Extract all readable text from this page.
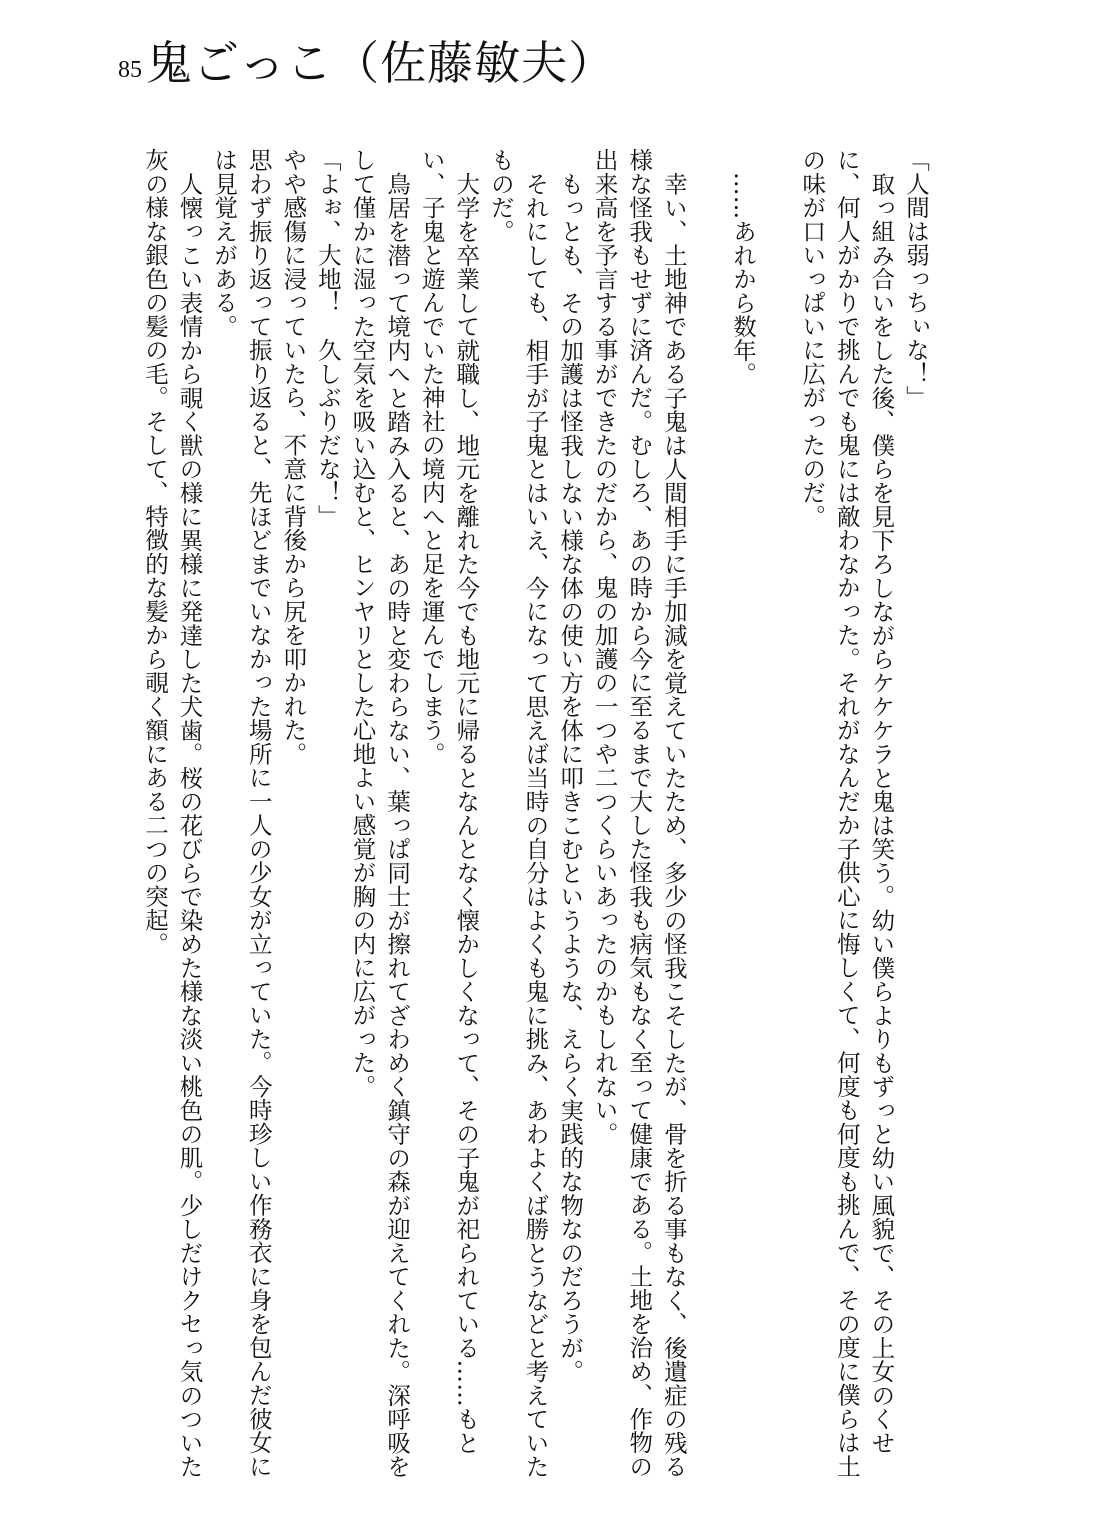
85 鬼ごっこ（佐藤敏夫）

「人間は弱っちぃな！」

取っ組み合いをした後、僕らを見下ろしながらケケケラと鬼は笑う。幼い僕らよりもずっと幼い風貌で、その上女のくせに、何人がかりで挑んでも鬼には敵わなかった。それがなんだか子供心に悔しくて、何度も何度も挑んで、その度に僕らは土の味が口いっぱいに広がったのだ。

……あれから数年。

幸い、土地神である子鬼は人間相手に手加減を覚えていたため、多少の怪我こそしたが、骨を折る事もなく、後遺症の残る様な怪我もせずに済んだ。むしろ、あの時から今に至るまで大した怪我も病気もなく至って健康である。土地を治め、作物の出来高を予言する事ができたのだから、鬼の加護の一つや二つくらいあったのかもしれない。

もっとも、その加護は怪我しない様な体の使い方を体に叩きこむというような、えらく実践的な物なのだろうが。

それにしても、相手が子鬼とはいえ、今になって思えば当時の自分はよくも鬼に挑み、あわよくば勝とうなどと考えていたものだ。

大学を卒業して就職し、地元を離れた今でも地元に帰るとなんとなく懐かしくなって、その子鬼が祀られている……もとい、子鬼と遊んでいた神社の境内へと足を運んでしまう。

鳥居を潜って境内へと踏み入ると、あの時と変わらない、葉っぱ同士が擦れてざわめく鎮守の森が迎えてくれた。深呼吸をして僅かに湿った空気を吸い込むと、ヒンヤリとした心地よい感覚が胸の内に広がった。

「よぉ、大地！　久しぶりだな！」

やや感傷に浸っていたら、不意に背後から尻を叩かれた。

思わず振り返って振り返ると、先ほどまでいなかった場所に一人の少女が立っていた。今時珍しい作務衣に身を包んだ彼女には見覚えがある。

人懐っこい表情から覗く獣の様に異様に発達した犬歯。桜の花びらで染めた様な淡い桃色の肌。少しだけクセっ気のついた灰の様な銀色の髪の毛。そして、特徴的な髪から覗く額にある二つの突起。
